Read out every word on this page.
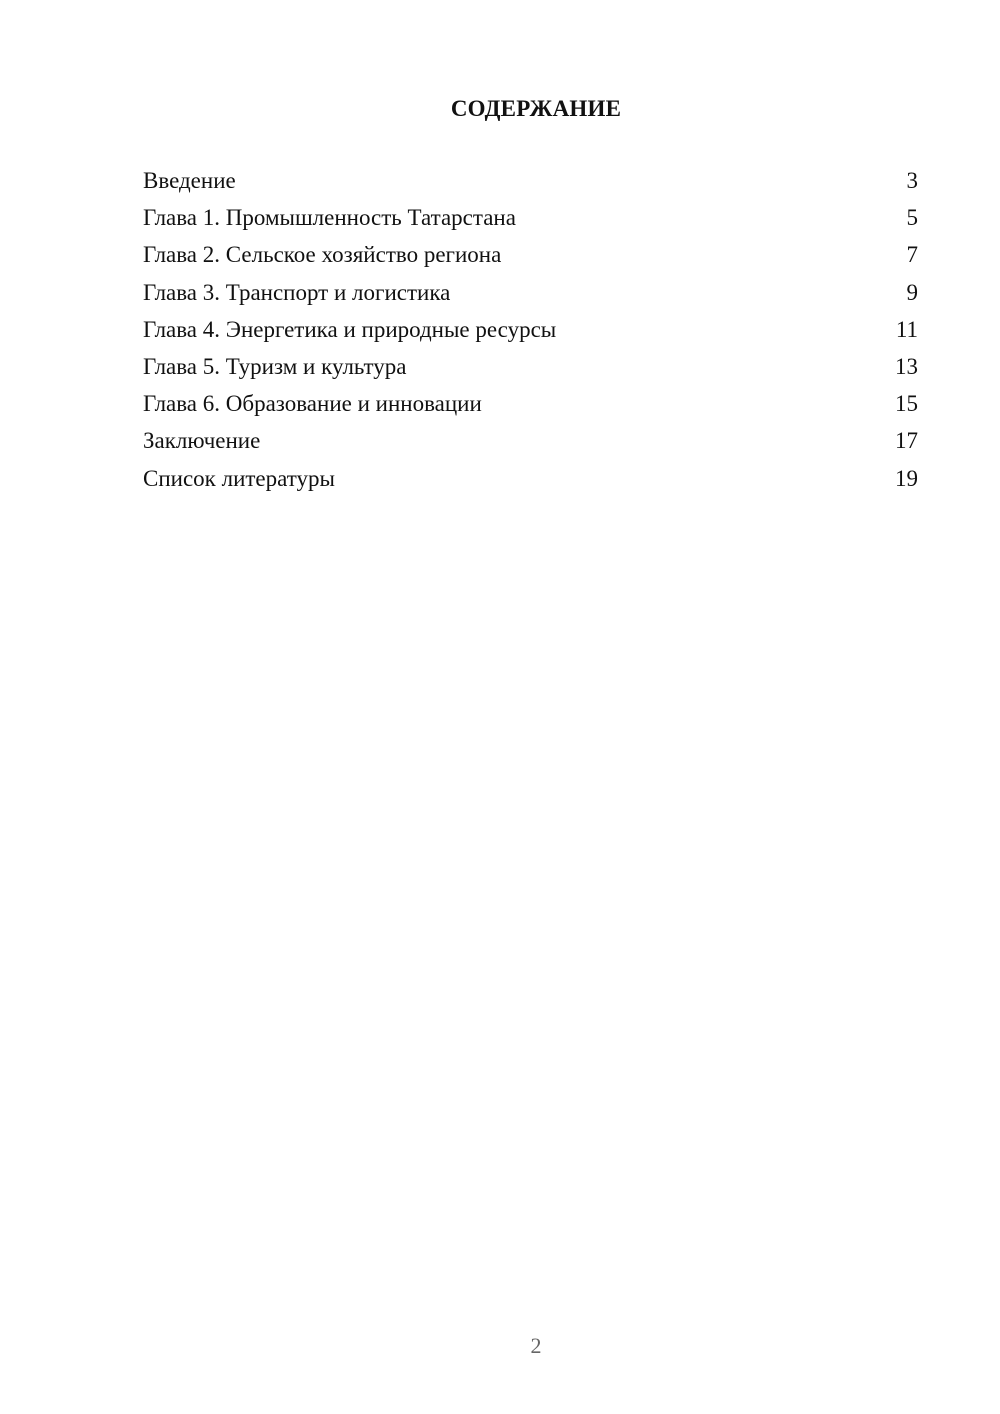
СОДЕРЖАНИЕ
Введение	3
Глава 1. Промышленность Татарстана	5
Глава 2. Сельское хозяйство региона	7
Глава 3. Транспорт и логистика	9
Глава 4. Энергетика и природные ресурсы	11
Глава 5. Туризм и культура	13
Глава 6. Образование и инновации	15
Заключение	17
Список литературы	19
2
